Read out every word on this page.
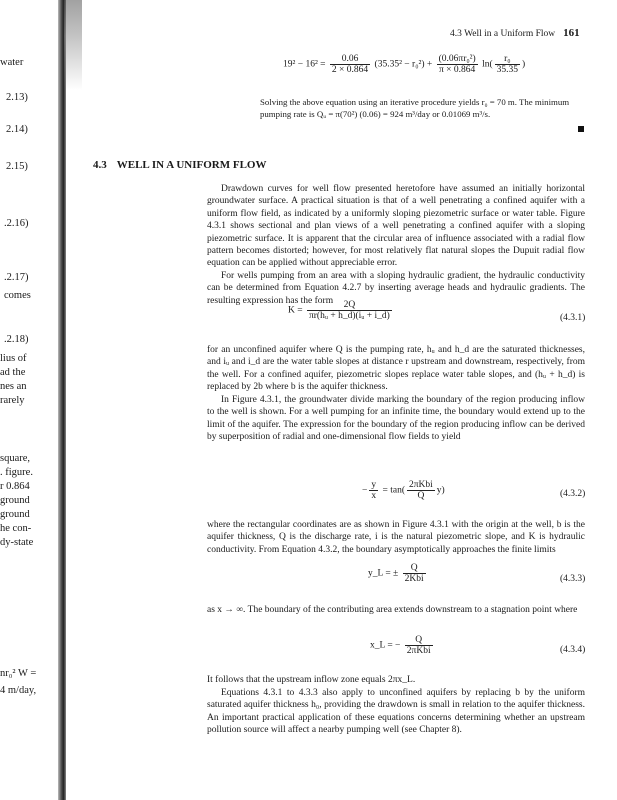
water
2.13)
2.14)
2.15)
.2.16)
.2.17)
comes
.2.18)
lius of
ad the
nes an
rarely
square,
. figure.
r 0.864
ground
ground
he con-
dy-state
nr₀² W =
4 m/day,
4.3 Well in a Uniform Flow 161
$19^2 - 16^2 = \frac{0.06}{2 \times 0.864} (35.35^2 - r_0^2) + \frac{\text{(0.06πr₀²)}}{\pi \times 0.864} \ln( \frac{\text{r₀}}{35.35}$ )
Solving the above equation using an iterative procedure yields r₀ = 70 m. The minimum pumping rate is Qᵤ = π(70²) (0.06) = 924 m³/day or 0.01069 m³/s.
4.3 WELL IN A UNIFORM FLOW
Drawdown curves for well flow presented heretofore have assumed an initially horizontal groundwater surface. A practical situation is that of a well penetrating a confined aquifer with a uniform flow field, as indicated by a uniformly sloping piezometric surface or water table. Figure 4.3.1 shows sectional and plan views of a well penetrating a confined aquifer with a sloping piezometric surface. It is apparent that the circular area of influence associated with a radial flow pattern becomes distorted; however, for most relatively flat natural slopes the Dupuit radial flow equation can be applied without appreciable error.
For wells pumping from an area with a sloping hydraulic gradient, the hydraulic conductivity can be determined from Equation 4.2.7 by inserting average heads and hydraulic gradients. The resulting expression has the form
$K = \frac{2Q}{\text{πr(hᵤ + h\_d)(iᵤ + i\_d)}}$	(4.3.1)
for an unconfined aquifer where Q is the pumping rate, hᵤ and h_d are the saturated thicknesses, and iᵤ and i_d are the water table slopes at distance r upstream and downstream, respectively, from the well. For a confined aquifer, piezometric slopes replace water table slopes, and (hᵤ + h_d) is replaced by 2b where b is the aquifer thickness.
In Figure 4.3.1, the groundwater divide marking the boundary of the region producing inflow to the well is shown. For a well pumping for an infinite time, the boundary would extend up to the limit of the aquifer. The expression for the boundary of the region producing inflow can be derived by superposition of radial and one-dimensional flow fields to yield
− $\frac{y}{x} = \tan( \frac{\text{2πKbi}}{Q} y)$	(4.3.2)
where the rectangular coordinates are as shown in Figure 4.3.1 with the origin at the well, b is the aquifer thickness, Q is the discharge rate, i is the natural piezometric slope, and K is hydraulic conductivity. From Equation 4.3.2, the boundary asymptotically approaches the finite limits
y_L = ± $\frac{Q}{\text{2Kbi}}$	(4.3.3)
as x → ∞. The boundary of the contributing area extends downstream to a stagnation point where
x_L = − $\frac{Q}{\text{2πKbi}}$	(4.3.4)
It follows that the upstream inflow zone equals 2πx_L.
Equations 4.3.1 to 4.3.3 also apply to unconfined aquifers by replacing b by the uniform saturated aquifer thickness h₀, providing the drawdown is small in relation to the aquifer thickness. An important practical application of these equations concerns determining whether an upstream pollution source will affect a nearby pumping well (see Chapter 8).
